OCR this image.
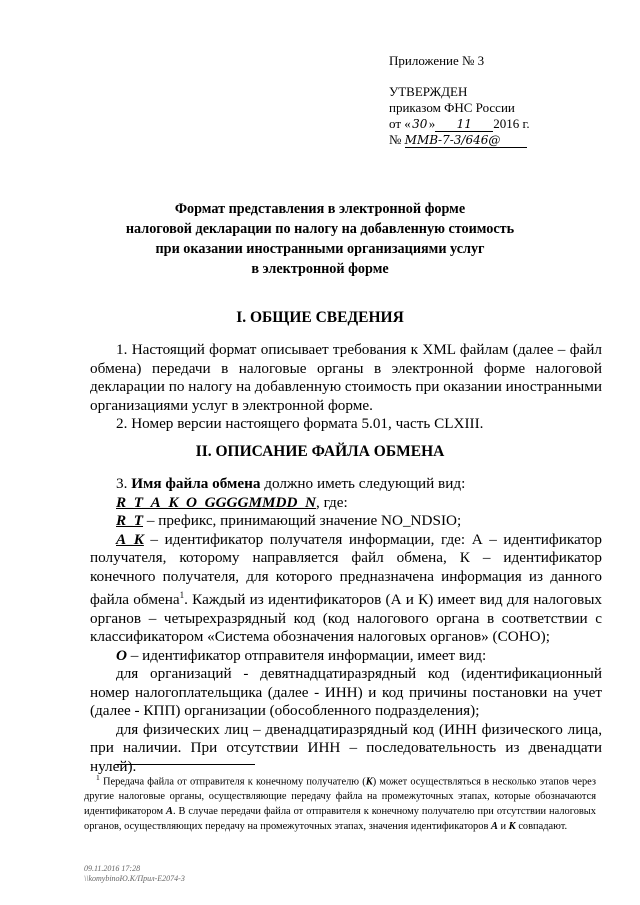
Приложение № 3
УТВЕРЖДЕН
приказом ФНС России
от «30» 11 2016 г.
№ ММВ-7-3/646@
Формат представления в электронной форме
налоговой декларации по налогу на добавленную стоимость
при оказании иностранными организациями услуг
в электронной форме
I. ОБЩИЕ СВЕДЕНИЯ

1. Настоящий формат описывает требования к XML файлам (далее – файл обмена) передачи в налоговые органы в электронной форме налоговой декларации по налогу на добавленную стоимость при оказании иностранными организациями услуг в электронной форме.

2. Номер версии настоящего формата 5.01, часть CLXIII.

II. ОПИСАНИЕ ФАЙЛА ОБМЕНА

3. Имя файла обмена должно иметь следующий вид:

R_T_A_K_O_GGGGMMDD_N, где:

R_T – префикс, принимающий значение NO_NDSIO;

A_K – идентификатор получателя информации, где: А – идентификатор получателя, которому направляется файл обмена, К – идентификатор конечного получателя, для которого предназначена информация из данного файла обмена$^1$. Каждый из идентификаторов (А и К) имеет вид для налоговых органов – четырехразрядный код (код налогового органа в соответствии с классификатором «Система обозначения налоговых органов» (СОНО);

O – идентификатор отправителя информации, имеет вид:

для организаций - девятнадцатиразрядный код (идентификационный номер налогоплательщика (далее - ИНН) и код причины постановки на учет (далее - КПП) организации (обособленного подразделения);

для физических лиц – двенадцатиразрядный код (ИНН физического лица, при наличии. При отсутствии ИНН – последовательность из двенадцати нулей).

$^1$ Передача файла от отправителя к конечному получателю (К) может осуществляться в несколько этапов через другие налоговые органы, осуществляющие передачу файла на промежуточных этапах, которые обозначаются идентификатором А. В случае передачи файла от отправителя к конечному получателю при отсутствии налоговых органов, осуществляющих передачу на промежуточных этапах, значения идентификаторов А и К совпадают.

09.11.2016 17:28
\\komybinoЮ.К/Прил-Е2074-3
